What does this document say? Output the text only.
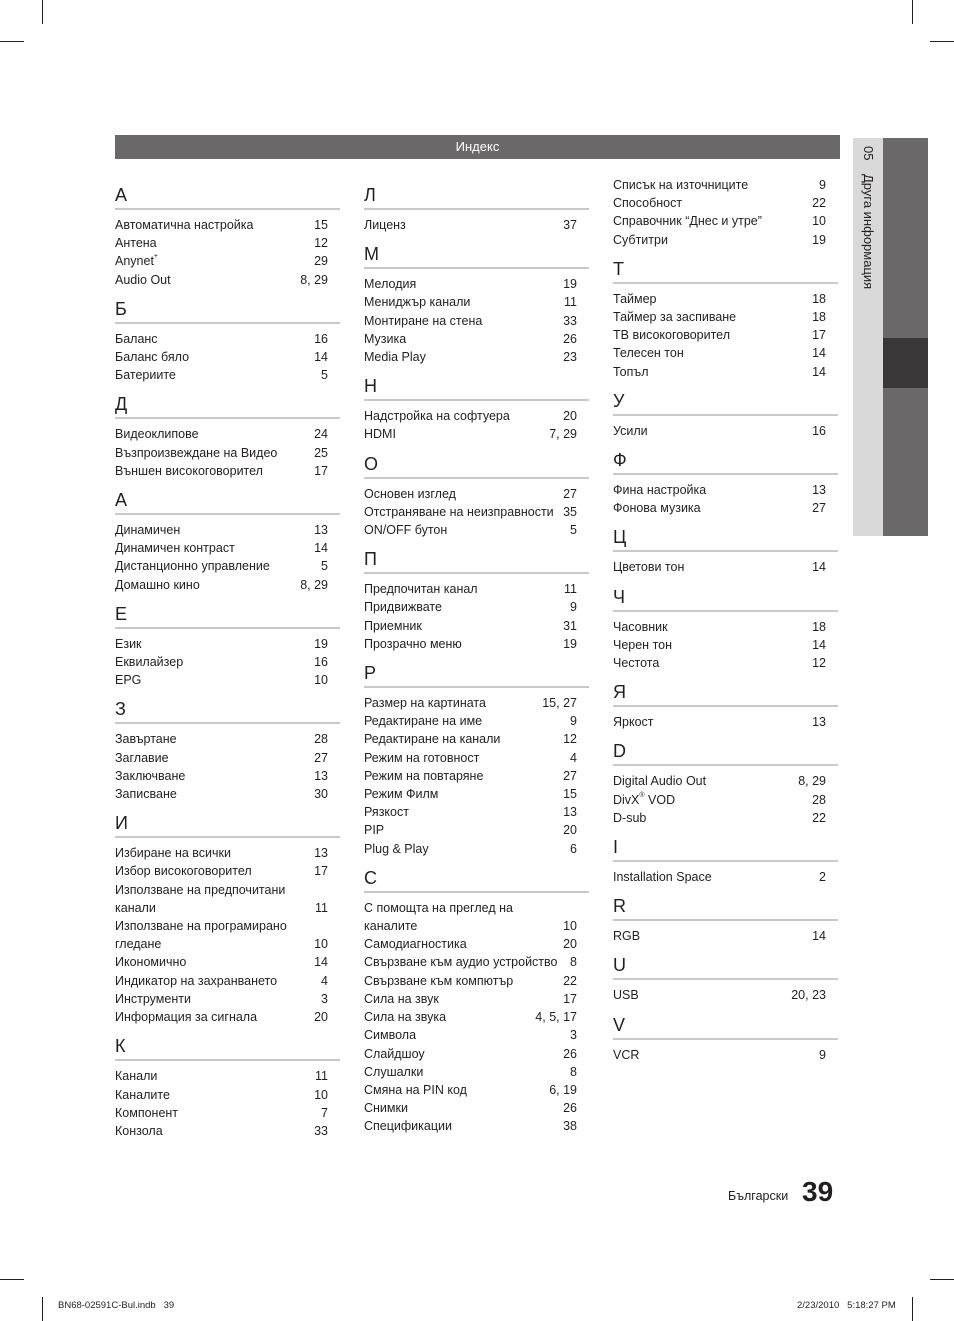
Индекс	05 Друга информация
А
Автоматична настройка	15
Антена	12
Anynet+	29
Audio Out	8, 29
Б
Баланс	16
Баланс бяло	14
Батериите	5
Д
Видеоклипове	24
Възпроизвеждане на Видео	25
Външен високоговорител	17
А
Динамичен	13
Динамичен контраст	14
Дистанционно управление	5
Домашно кино	8, 29
Е
Език	19
Еквилайзер	16
EPG	10
З
Завъртане	28
Заглавие	27
Заключване	13
Записване	30
И
Избиране на всички	13
Избор високоговорител	17
Използване на предпочитани канали	11
Използване на програмирано гледане	10
Икономично	14
Индикатор на захранването	4
Инструменти	3
Информация за сигнала	20
К
Канали	11
Каналите	10
Компонент	7
Конзола	33
Л
Лиценз	37
М
Мелодия	19
Мениджър канали	11
Монтиране на стена	33
Музика	26
Media Play	23
Н
Надстройка на софтуера	20
HDMI	7, 29
О
Основен изглед	27
Отстраняване на неизправности 35
ON/OFF бутон	5
П
Предпочитан канал	11
Придвижвате	9
Приемник	31
Прозрачно меню	19
Р
Размер на картината	15, 27
Редактиране на име	9
Редактиране на канали	12
Режим на готовност	4
Режим на повтаряне	27
Режим Филм	15
Рязкост	13
PIP	20
Plug & Play	6
С
С помощта на преглед на каналите	10
Самодиагностика	20
Свързване към аудио устройство	8
Свързване към компютър	22
Сила на звук	17
Сила на звука	4, 5, 17
Символа	3
Слайдшоу	26
Слушалки	8
Смяна на PIN код	6, 19
Снимки	26
Спецификации	38
Списък на източниците	9
Способност	22
Справочник “Днес и утре”	10
Субтитри	19
Т
Таймер	18
Таймер за заспиване	18
ТВ високоговорител	17
Телесен тон	14
Топъл	14
У
Усили	16
Ф
Фина настройка	13
Фонова музика	27
Ц
Цветови тон	14
Ч
Часовник	18
Черен тон	14
Честота	12
Я
Яркост	13
D
Digital Audio Out	8, 29
DivX® VOD	28
D-sub	22
I
Installation Space	2
R
RGB	14
U
USB	20, 23
V
VCR	9
Български 39
BN68-02591C-Bul.indb   39	2/23/2010   5:18:27 PM
